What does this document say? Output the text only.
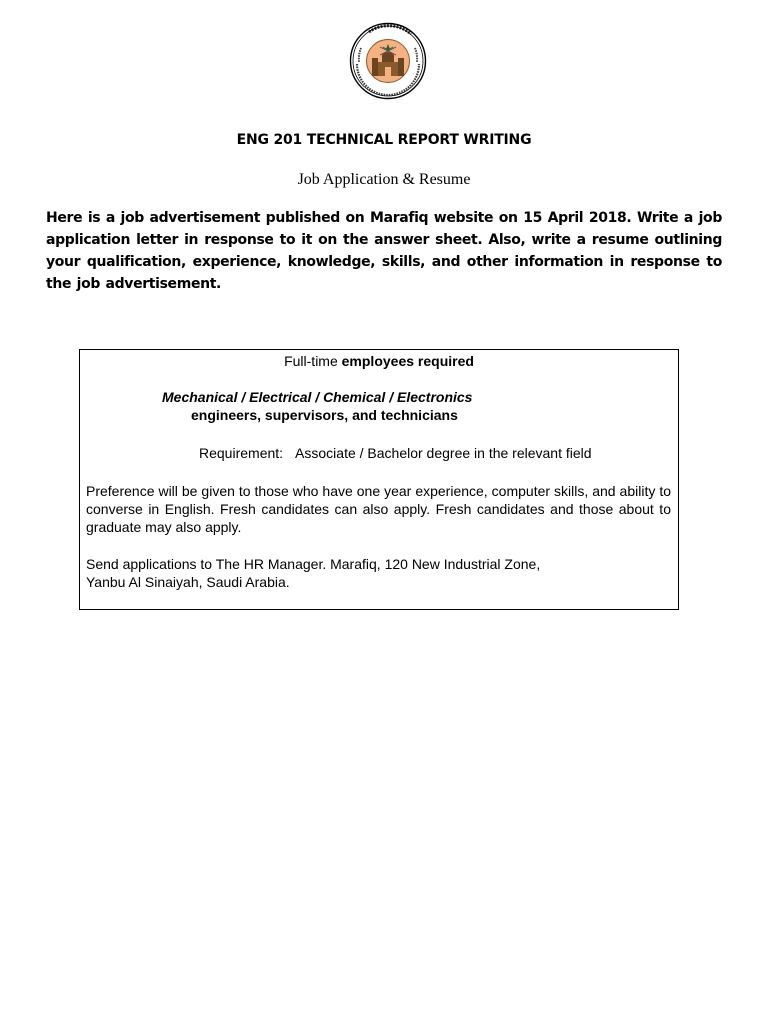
ENG 201 TECHNICAL REPORT WRITING
Job Application & Resume
Here is a job advertisement published on Marafiq website on 15 April 2018. Write a job application letter in response to it on the answer sheet. Also, write a resume outlining your qualification, experience, knowledge, skills, and other information in response to the job advertisement.
Full-time employees required
Mechanical / Electrical / Chemical / Electronics
engineers, supervisors, and technicians
Requirement: Associate / Bachelor degree in the relevant field
Preference will be given to those who have one year experience, computer skills, and ability to converse in English. Fresh candidates can also apply. Fresh candidates and those about to graduate may also apply.
Send applications to The HR Manager. Marafiq, 120 New Industrial Zone,
Yanbu Al Sinaiyah, Saudi Arabia.
